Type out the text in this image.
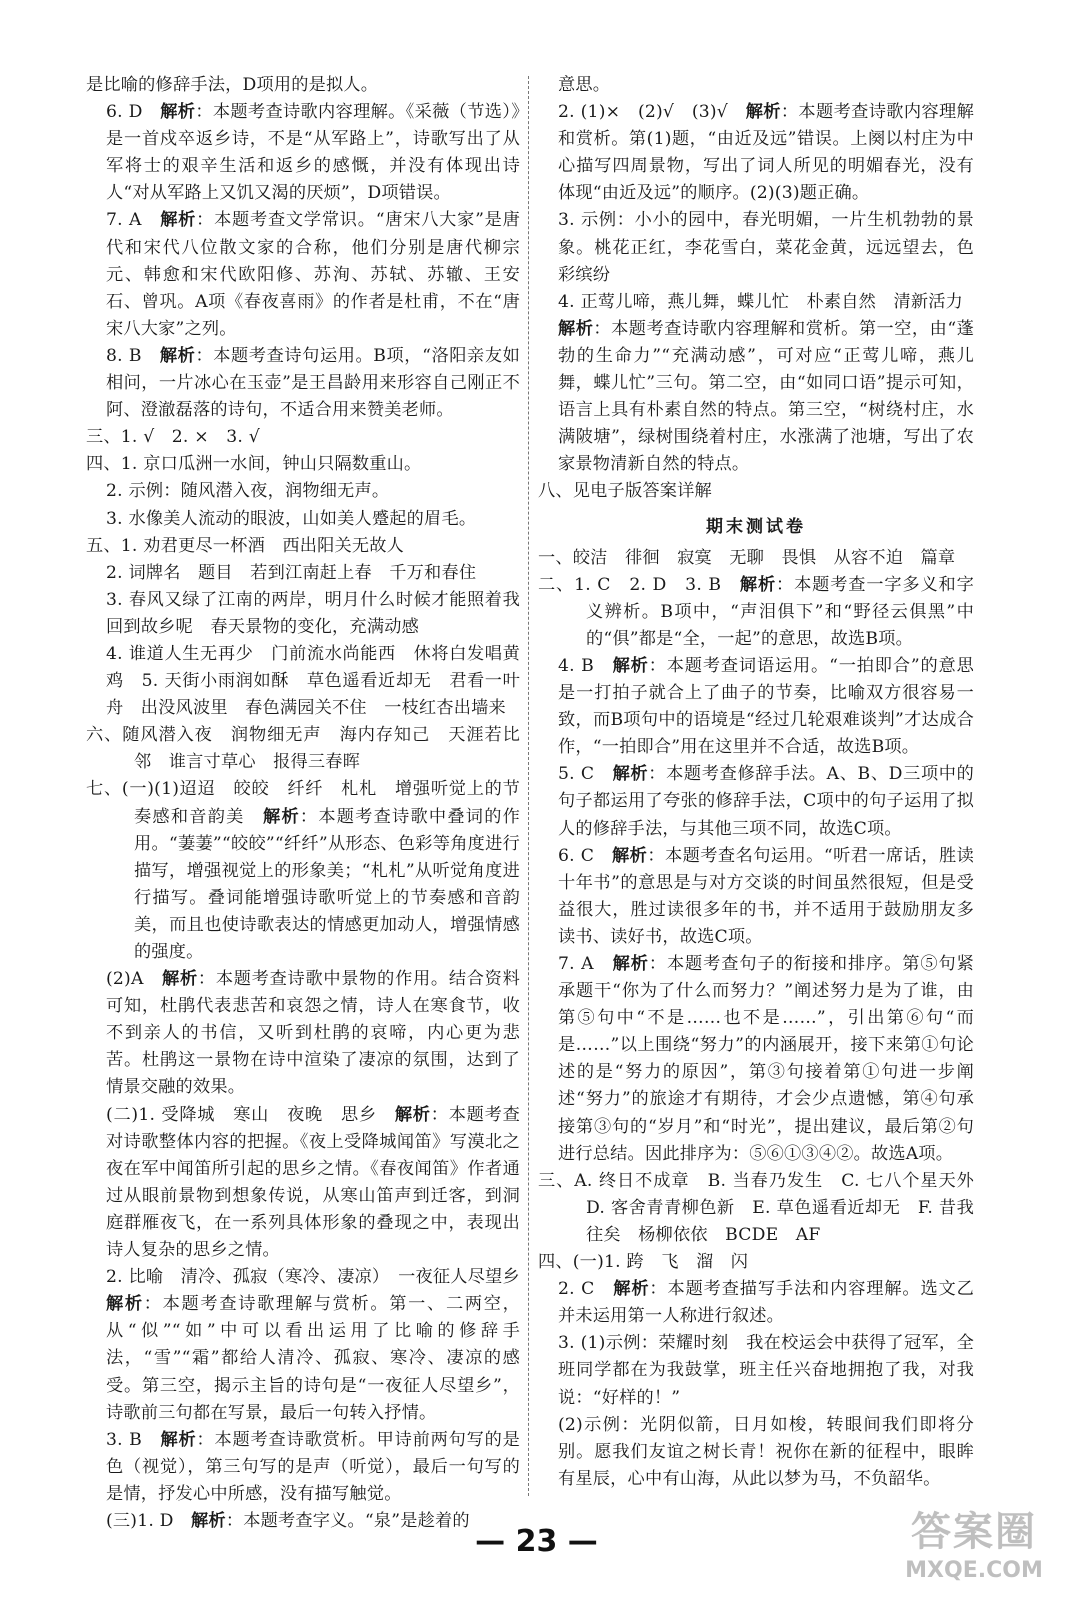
是比喻的修辞手法，D项用的是拟人。
6. D　解析：本题考查诗歌内容理解。《采薇（节选）》是一首戍卒返乡诗，不是“从军路上”，诗歌写出了从军将士的艰辛生活和返乡的感慨，并没有体现出诗人“对从军路上又饥又渴的厌烦”，D项错误。
7. A　解析：本题考查文学常识。“唐宋八大家”是唐代和宋代八位散文家的合称，他们分别是唐代柳宗元、韩愈和宋代欧阳修、苏洵、苏轼、苏辙、王安石、曾巩。A项《春夜喜雨》的作者是杜甫，不在“唐宋八大家”之列。
8. B　解析：本题考查诗句运用。B项，“洛阳亲友如相问，一片冰心在玉壶”是王昌龄用来形容自己刚正不阿、澄澈磊落的诗句，不适合用来赞美老师。
三、1. √　2. ×　3. √
四、1. 京口瓜洲一水间，钟山只隔数重山。
2. 示例：随风潜入夜，润物细无声。
3. 水像美人流动的眼波，山如美人蹙起的眉毛。
五、1. 劝君更尽一杯酒　西出阳关无故人
2. 词牌名　题目　若到江南赶上春　千万和春住
3. 春风又绿了江南的两岸，明月什么时候才能照着我回到故乡呢　春天景物的变化，充满动感
4. 谁道人生无再少　门前流水尚能西　休将白发唱黄鸡　5. 天街小雨润如酥　草色遥看近却无　君看一叶舟　出没风波里　春色满园关不住　一枝红杏出墙来
六、随风潜入夜　润物细无声　海内存知己　天涯若比邻　谁言寸草心　报得三春晖
七、(一)(1)迢迢　皎皎　纤纤　札札　增强听觉上的节奏感和音韵美　解析：本题考查诗歌中叠词的作用。“萋萋”“皎皎”“纤纤”从形态、色彩等角度进行描写，增强视觉上的形象美；“札札”从听觉角度进行描写。叠词能增强诗歌听觉上的节奏感和音韵美，而且也使诗歌表达的情感更加动人，增强情感的强度。
(2)A　解析：本题考查诗歌中景物的作用。结合资料可知，杜鹃代表悲苦和哀怨之情，诗人在寒食节，收不到亲人的书信，又听到杜鹃的哀啼，内心更为悲苦。杜鹃这一景物在诗中渲染了凄凉的氛围，达到了情景交融的效果。
(二)1. 受降城　寒山　夜晚　思乡　解析：本题考查对诗歌整体内容的把握。《夜上受降城闻笛》写漠北之夜在军中闻笛所引起的思乡之情。《春夜闻笛》作者通过从眼前景物到想象传说，从寒山笛声到迁客，到洞庭群雁夜飞，在一系列具体形象的叠现之中，表现出诗人复杂的思乡之情。
2. 比喻　清冷、孤寂（寒冷、凄凉）　一夜征人尽望乡
解析：本题考查诗歌理解与赏析。第一、二两空，从“似”“如”中可以看出运用了比喻的修辞手法，“雪”“霜”都给人清冷、孤寂、寒冷、凄凉的感受。第三空，揭示主旨的诗句是“一夜征人尽望乡”，诗歌前三句都在写景，最后一句转入抒情。
3. B　解析：本题考查诗歌赏析。甲诗前两句写的是色（视觉），第三句写的是声（听觉），最后一句写的是情，抒发心中所感，没有描写触觉。
(三)1. D　解析：本题考查字义。“泉”是趁着的
意思。
2. (1)×　(2)√　(3)√　解析：本题考查诗歌内容理解和赏析。第(1)题，“由近及远”错误。上阕以村庄为中心描写四周景物，写出了词人所见的明媚春光，没有体现“由近及远”的顺序。(2)(3)题正确。
3. 示例：小小的园中，春光明媚，一片生机勃勃的景象。桃花正红，李花雪白，菜花金黄，远远望去，色彩缤纷
4. 正莺儿啼，燕儿舞，蝶儿忙　朴素自然　清新活力
解析：本题考查诗歌内容理解和赏析。第一空，由“蓬勃的生命力”“充满动感”，可对应“正莺儿啼，燕儿舞，蝶儿忙”三句。第二空，由“如同口语”提示可知，语言上具有朴素自然的特点。第三空，“树绕村庄，水满陂塘”，绿树围绕着村庄，水涨满了池塘，写出了农家景物清新自然的特点。
八、见电子版答案详解
期末测试卷
一、皎洁　徘徊　寂寞　无聊　畏惧　从容不迫　篇章
二、1. C　2. D　3. B　解析：本题考查一字多义和字义辨析。B项中，“声泪俱下”和“野径云俱黑”中的“俱”都是“全，一起”的意思，故选B项。
4. B　解析：本题考查词语运用。“一拍即合”的意思是一打拍子就合上了曲子的节奏，比喻双方很容易一致，而B项句中的语境是“经过几轮艰难谈判”才达成合作，“一拍即合”用在这里并不合适，故选B项。
5. C　解析：本题考查修辞手法。A、B、D三项中的句子都运用了夸张的修辞手法，C项中的句子运用了拟人的修辞手法，与其他三项不同，故选C项。
6. C　解析：本题考查名句运用。“听君一席话，胜读十年书”的意思是与对方交谈的时间虽然很短，但是受益很大，胜过读很多年的书，并不适用于鼓励朋友多读书、读好书，故选C项。
7. A　解析：本题考查句子的衔接和排序。第⑤句紧承题干“你为了什么而努力？”阐述努力是为了谁，由第⑤句中“不是……也不是……”，引出第⑥句“而是……”以上围绕“努力”的内涵展开，接下来第①句论述的是“努力的原因”，第③句接着第①句进一步阐述“努力”的旅途才有期待，才会少点遗憾，第④句承接第③句的“岁月”和“时光”，提出建议，最后第②句进行总结。因此排序为：⑤⑥①③④②。故选A项。
三、A. 终日不成章　B. 当春乃发生　C. 七八个星天外　D. 客舍青青柳色新　E. 草色遥看近却无　F. 昔我往矣　杨柳依依　BCDE　AF
四、(一)1. 跨　飞　溜　闪
2. C　解析：本题考查描写手法和内容理解。选文乙并未运用第一人称进行叙述。
3. (1)示例：荣耀时刻　我在校运会中获得了冠军，全班同学都在为我鼓掌，班主任兴奋地拥抱了我，对我说：“好样的！”
(2)示例：光阴似箭，日月如梭，转眼间我们即将分别。愿我们友谊之树长青！祝你在新的征程中，眼眸有星辰，心中有山海，从此以梦为马，不负韶华。
— 23 —	答案圈
MXQE.COM
